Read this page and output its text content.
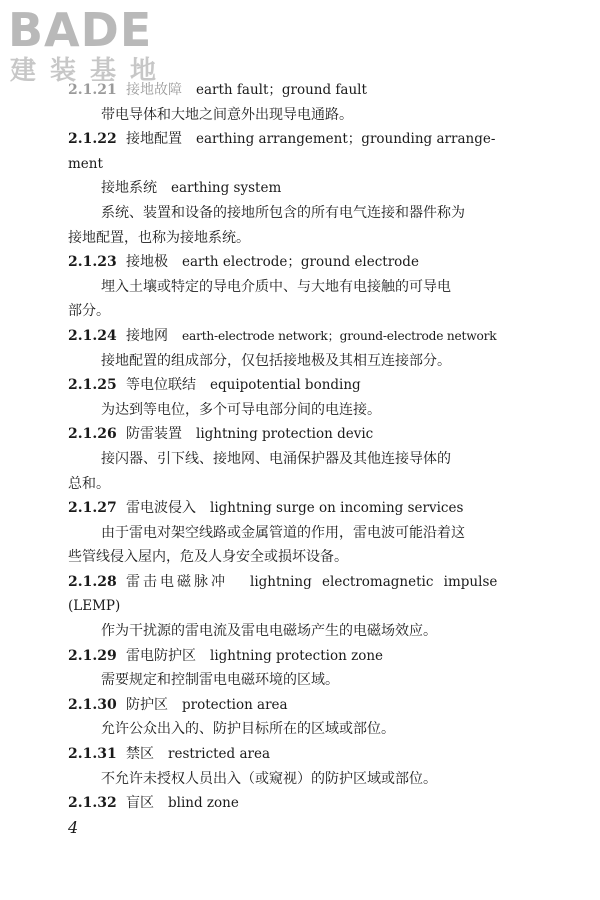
BADE
建装基地
2.1.21 接地故障 earth fault；ground fault
带电导体和大地之间意外出现导电通路。
2.1.22 接地配置 earthing arrangement；grounding arrange-
ment
接地系统 earthing system
系统、装置和设备的接地所包含的所有电气连接和器件称为
接地配置，也称为接地系统。
2.1.23 接地极 earth electrode；ground electrode
埋入土壤或特定的导电介质中、与大地有电接触的可导电
部分。
2.1.24 接地网 earth-electrode network；ground-electrode network
接地配置的组成部分，仅包括接地极及其相互连接部分。
2.1.25 等电位联结 equipotential bonding
为达到等电位，多个可导电部分间的电连接。
2.1.26 防雷装置 lightning protection devic
接闪器、引下线、接地网、电涌保护器及其他连接导体的
总和。
2.1.27 雷电波侵入 lightning surge on incoming services
由于雷电对架空线路或金属管道的作用，雷电波可能沿着这
些管线侵入屋内，危及人身安全或损坏设备。
2.1.28 雷击电磁脉冲 lightning electromagnetic impulse
(LEMP)
作为干扰源的雷电流及雷电电磁场产生的电磁场效应。
2.1.29 雷电防护区 lightning protection zone
需要规定和控制雷电电磁环境的区域。
2.1.30 防护区 protection area
允许公众出入的、防护目标所在的区域或部位。
2.1.31 禁区 restricted area
不允许未授权人员出入（或窥视）的防护区域或部位。
2.1.32 盲区 blind zone
4
